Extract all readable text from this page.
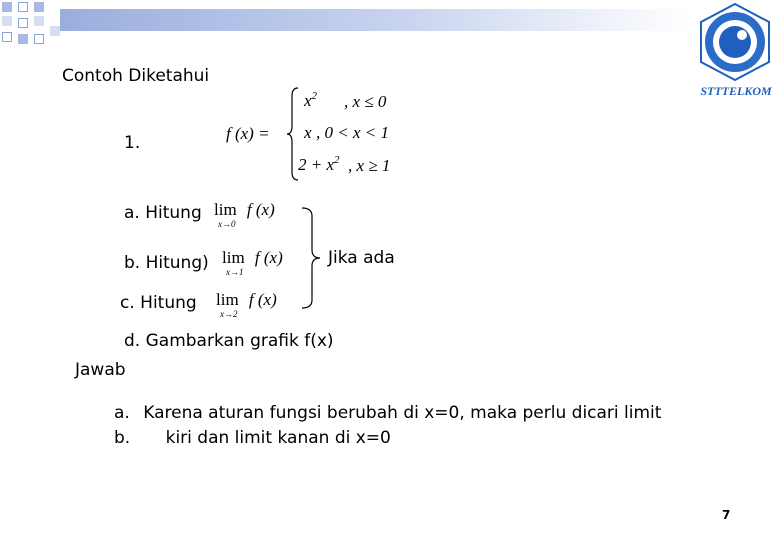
STTTELKOM
Contoh Diketahui
1.	f (x) =
$x^2$ , x ≤ 0
x , 0 < x < 1
$2 + x^2$ , x ≥ 1
a. Hitung lim
x→0
f (x)
b. Hitung) lim
x→1
f (x)
c. Hitung lim
x→2
f (x)
Jika ada
d. Gambarkan grafik f(x)
Jawab
a. Karena aturan fungsi berubah di x=0, maka perlu dicari limit
b. kiri dan limit kanan di x=0
7
